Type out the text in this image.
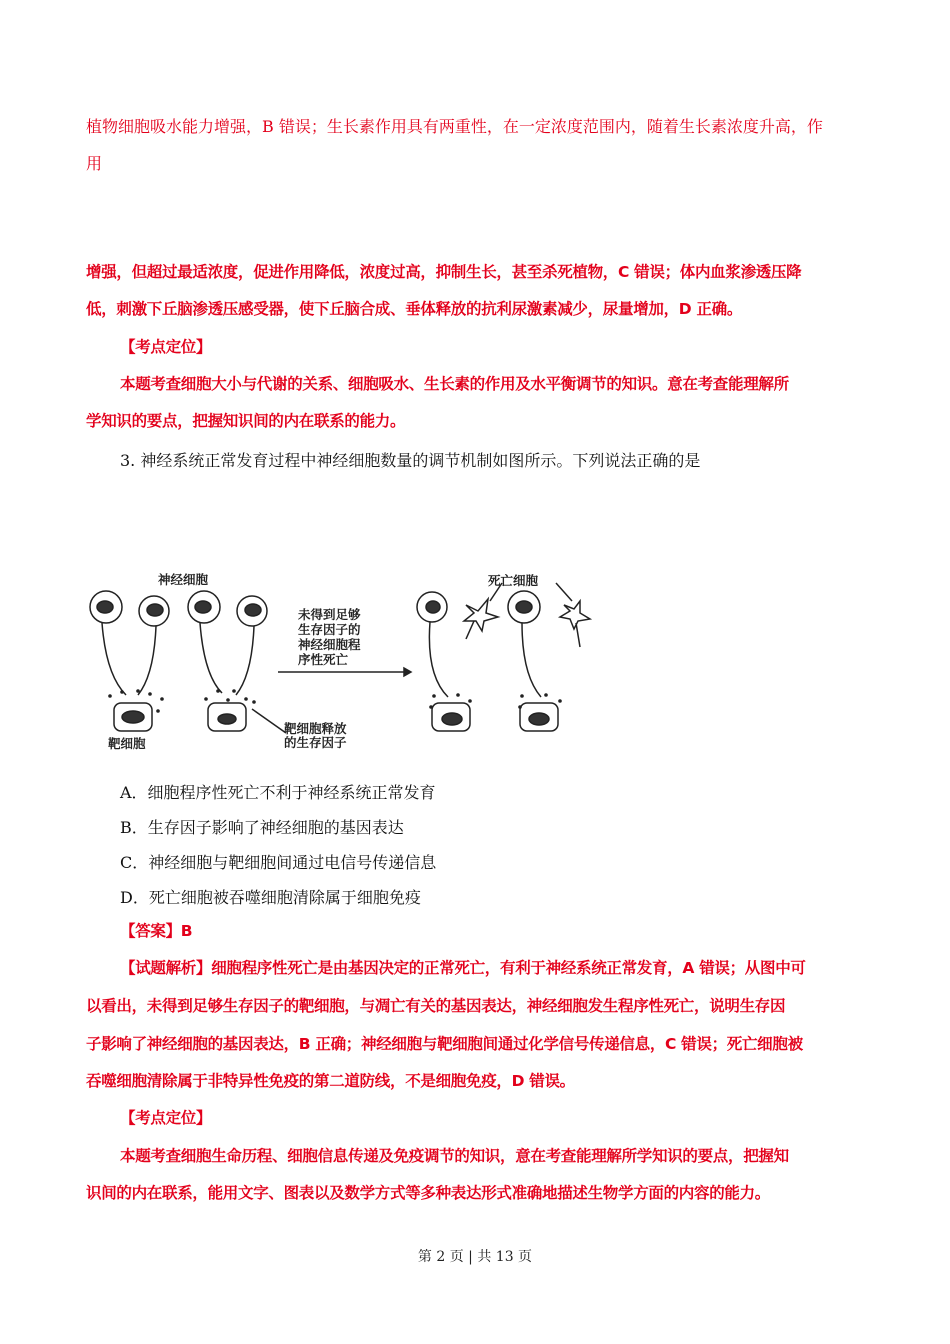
植物细胞吸水能力增强，B 错误；生长素作用具有两重性，在一定浓度范围内，随着生长素浓度升高，作
用
增强，但超过最适浓度，促进作用降低，浓度过高，抑制生长，甚至杀死植物，C 错误；体内血浆渗透压降
低，刺激下丘脑渗透压感受器，使下丘脑合成、垂体释放的抗利尿激素减少，尿量增加，D 正确。
【考点定位】
本题考查细胞大小与代谢的关系、细胞吸水、生长素的作用及水平衡调节的知识。意在考查能理解所
学知识的要点，把握知识间的内在联系的能力。
3. 神经系统正常发育过程中神经细胞数量的调节机制如图所示。下列说法正确的是
神经细胞
靶细胞
死亡细胞
未得到足够
生存因子的
神经细胞程
序性死亡
靶细胞释放
的生存因子
A．细胞程序性死亡不利于神经系统正常发育
B．生存因子影响了神经细胞的基因表达
C．神经细胞与靶细胞间通过电信号传递信息
D．死亡细胞被吞噬细胞清除属于细胞免疫
【答案】B
【试题解析】细胞程序性死亡是由基因决定的正常死亡，有利于神经系统正常发育，A 错误；从图中可
以看出，未得到足够生存因子的靶细胞，与凋亡有关的基因表达，神经细胞发生程序性死亡，说明生存因
子影响了神经细胞的基因表达，B 正确；神经细胞与靶细胞间通过化学信号传递信息，C 错误；死亡细胞被
吞噬细胞清除属于非特异性免疫的第二道防线，不是细胞免疫，D 错误。
【考点定位】
本题考查细胞生命历程、细胞信息传递及免疫调节的知识，意在考查能理解所学知识的要点，把握知
识间的内在联系，能用文字、图表以及数学方式等多种表达形式准确地描述生物学方面的内容的能力。
第 2 页 | 共 13 页
